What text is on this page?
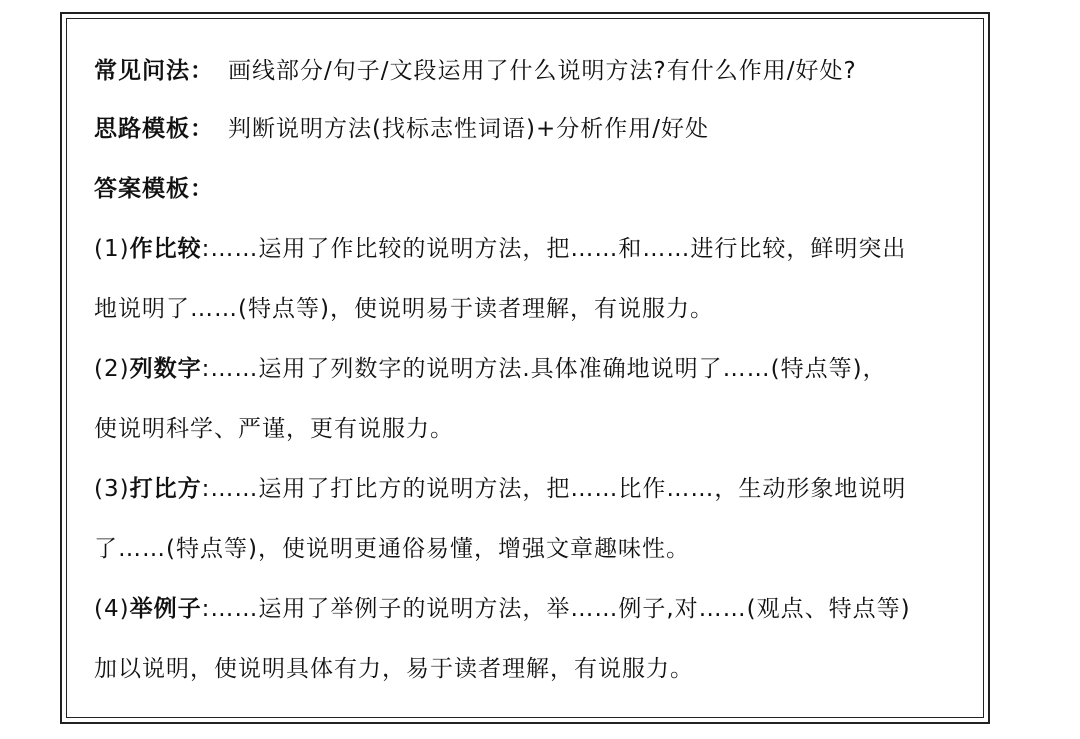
常见问法： 画线部分/句子/文段运用了什么说明方法?有什么作用/好处?
思路模板： 判断说明方法(找标志性词语)+分析作用/好处
答案模板：
(1)作比较:……运用了作比较的说明方法，把……和……进行比较，鲜明突出
地说明了……(特点等)，使说明易于读者理解，有说服力。
(2)列数字:……运用了列数字的说明方法.具体准确地说明了……(特点等)，
使说明科学、严谨，更有说服力。
(3)打比方:……运用了打比方的说明方法，把……比作……，生动形象地说明
了……(特点等)，使说明更通俗易懂，增强文章趣味性。
(4)举例子:……运用了举例子的说明方法，举……例子,对……(观点、特点等)
加以说明，使说明具体有力，易于读者理解，有说服力。
